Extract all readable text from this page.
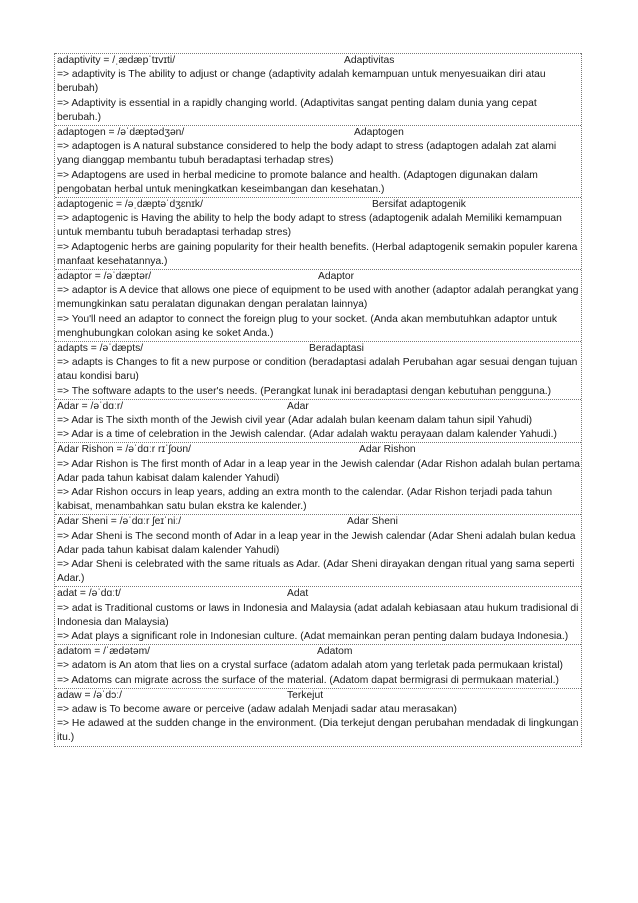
adaptivity = /ˌædæpˈtɪvɪti/	Adaptivitas
=> adaptivity is The ability to adjust or change (adaptivity adalah kemampuan untuk menyesuaikan diri atau berubah)
=> Adaptivity is essential in a rapidly changing world. (Adaptivitas sangat penting dalam dunia yang cepat berubah.)
adaptogen = /əˈdæptədʒən/	Adaptogen
=> adaptogen is A natural substance considered to help the body adapt to stress (adaptogen adalah zat alami yang dianggap membantu tubuh beradaptasi terhadap stres)
=> Adaptogens are used in herbal medicine to promote balance and health. (Adaptogen digunakan dalam pengobatan herbal untuk meningkatkan keseimbangan dan kesehatan.)
adaptogenic = /əˌdæptəˈdʒɛnɪk/	Bersifat adaptogenik
=> adaptogenic is Having the ability to help the body adapt to stress (adaptogenik adalah Memiliki kemampuan untuk membantu tubuh beradaptasi terhadap stres)
=> Adaptogenic herbs are gaining popularity for their health benefits. (Herbal adaptogenik semakin populer karena manfaat kesehatannya.)
adaptor = /əˈdæptər/	Adaptor
=> adaptor is A device that allows one piece of equipment to be used with another (adaptor adalah perangkat yang memungkinkan satu peralatan digunakan dengan peralatan lainnya)
=> You'll need an adaptor to connect the foreign plug to your socket. (Anda akan membutuhkan adaptor untuk menghubungkan colokan asing ke soket Anda.)
adapts = /əˈdæpts/	Beradaptasi
=> adapts is Changes to fit a new purpose or condition (beradaptasi adalah Perubahan agar sesuai dengan tujuan atau kondisi baru)
=> The software adapts to the user's needs. (Perangkat lunak ini beradaptasi dengan kebutuhan pengguna.)
Adar = /əˈdɑːr/	Adar
=> Adar is The sixth month of the Jewish civil year (Adar adalah bulan keenam dalam tahun sipil Yahudi)
=> Adar is a time of celebration in the Jewish calendar. (Adar adalah waktu perayaan dalam kalender Yahudi.)
Adar Rishon = /əˈdɑːr rɪˈʃoʊn/	Adar Rishon
=> Adar Rishon is The first month of Adar in a leap year in the Jewish calendar (Adar Rishon adalah bulan pertama Adar pada tahun kabisat dalam kalender Yahudi)
=> Adar Rishon occurs in leap years, adding an extra month to the calendar. (Adar Rishon terjadi pada tahun kabisat, menambahkan satu bulan ekstra ke kalender.)
Adar Sheni = /əˈdɑːr ʃeɪˈniː/	Adar Sheni
=> Adar Sheni is The second month of Adar in a leap year in the Jewish calendar (Adar Sheni adalah bulan kedua Adar pada tahun kabisat dalam kalender Yahudi)
=> Adar Sheni is celebrated with the same rituals as Adar. (Adar Sheni dirayakan dengan ritual yang sama seperti Adar.)
adat = /əˈdɑːt/	Adat
=> adat is Traditional customs or laws in Indonesia and Malaysia (adat adalah kebiasaan atau hukum tradisional di Indonesia dan Malaysia)
=> Adat plays a significant role in Indonesian culture. (Adat memainkan peran penting dalam budaya Indonesia.)
adatom = /ˈædətəm/	Adatom
=> adatom is An atom that lies on a crystal surface (adatom adalah atom yang terletak pada permukaan kristal)
=> Adatoms can migrate across the surface of the material. (Adatom dapat bermigrasi di permukaan material.)
adaw = /əˈdɔː/	Terkejut
=> adaw is To become aware or perceive (adaw adalah Menjadi sadar atau merasakan)
=> He adawed at the sudden change in the environment. (Dia terkejut dengan perubahan mendadak di lingkungan itu.)
